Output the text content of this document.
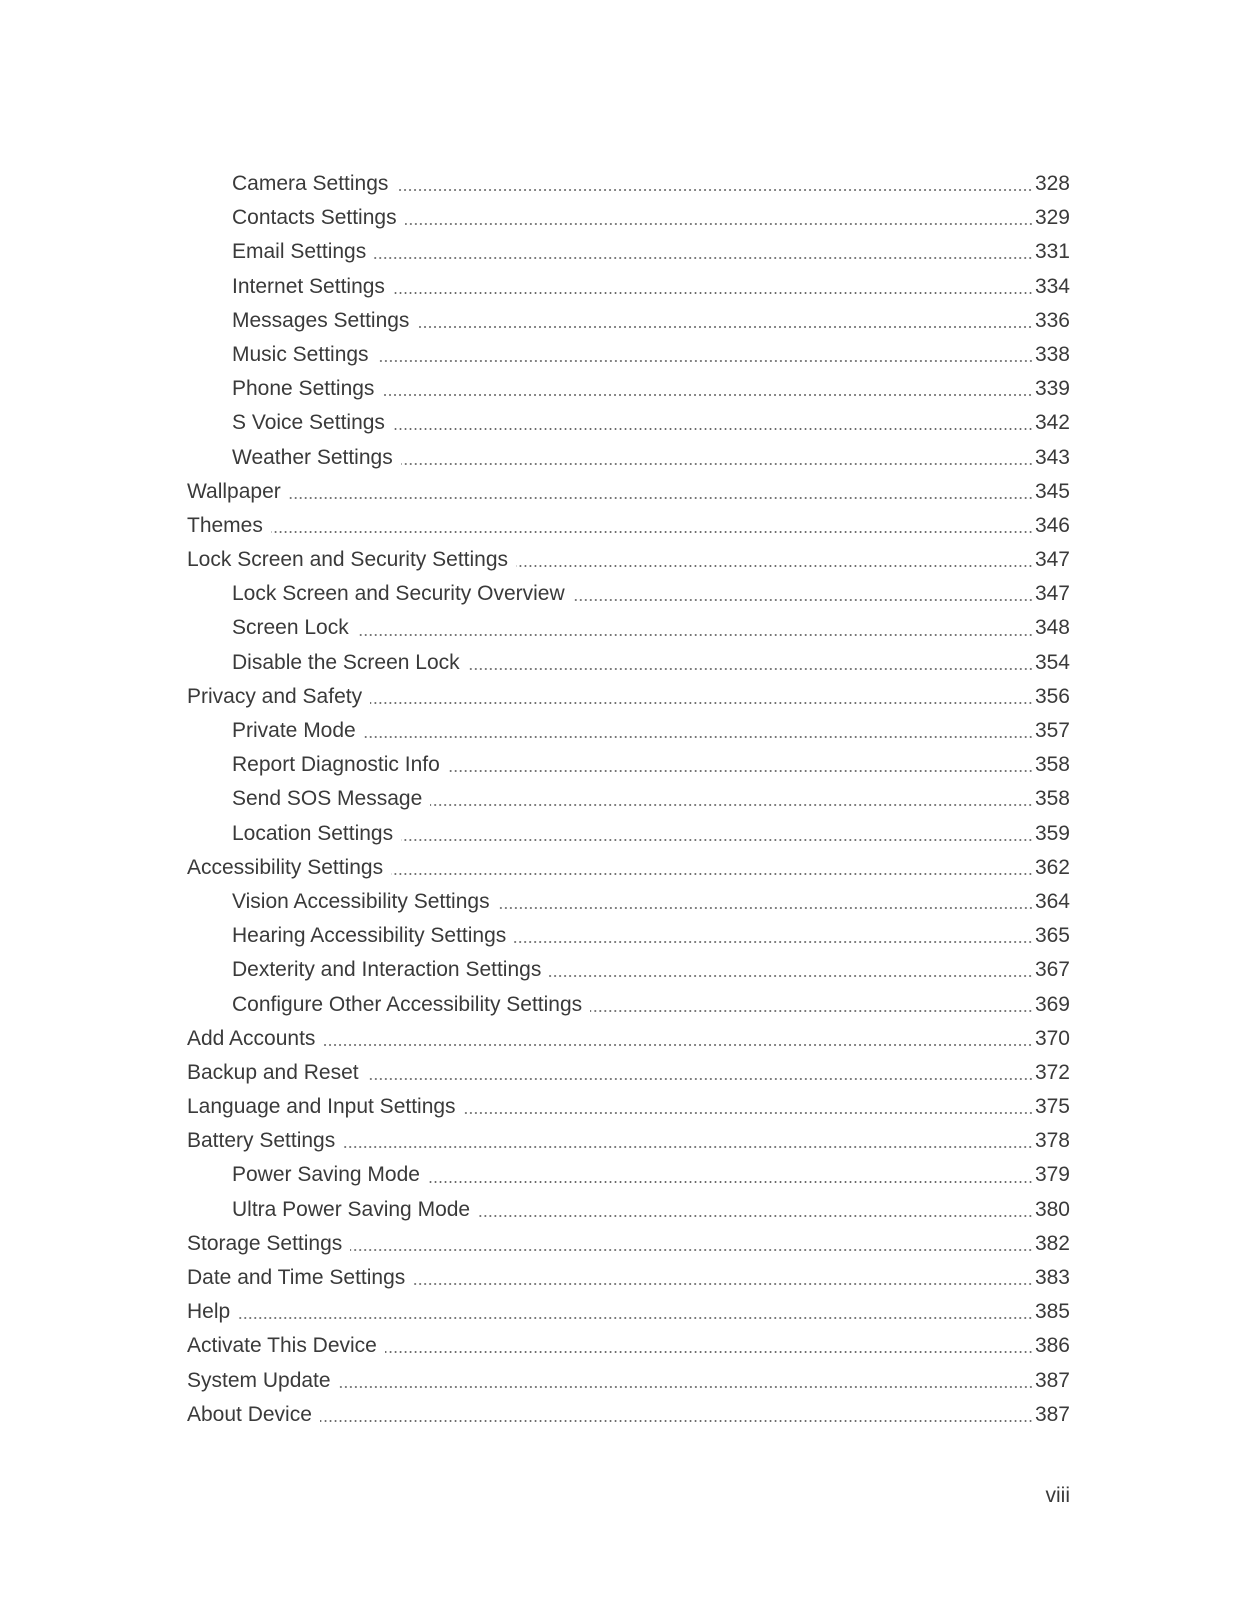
Camera Settings	328
Contacts Settings	329
Email Settings	331
Internet Settings	334
Messages Settings	336
Music Settings	338
Phone Settings	339
S Voice Settings	342
Weather Settings	343
Wallpaper	345
Themes	346
Lock Screen and Security Settings	347
Lock Screen and Security Overview	347
Screen Lock	348
Disable the Screen Lock	354
Privacy and Safety	356
Private Mode	357
Report Diagnostic Info	358
Send SOS Message	358
Location Settings	359
Accessibility Settings	362
Vision Accessibility Settings	364
Hearing Accessibility Settings	365
Dexterity and Interaction Settings	367
Configure Other Accessibility Settings	369
Add Accounts	370
Backup and Reset	372
Language and Input Settings	375
Battery Settings	378
Power Saving Mode	379
Ultra Power Saving Mode	380
Storage Settings	382
Date and Time Settings	383
Help	385
Activate This Device	386
System Update	387
About Device	387
viii
